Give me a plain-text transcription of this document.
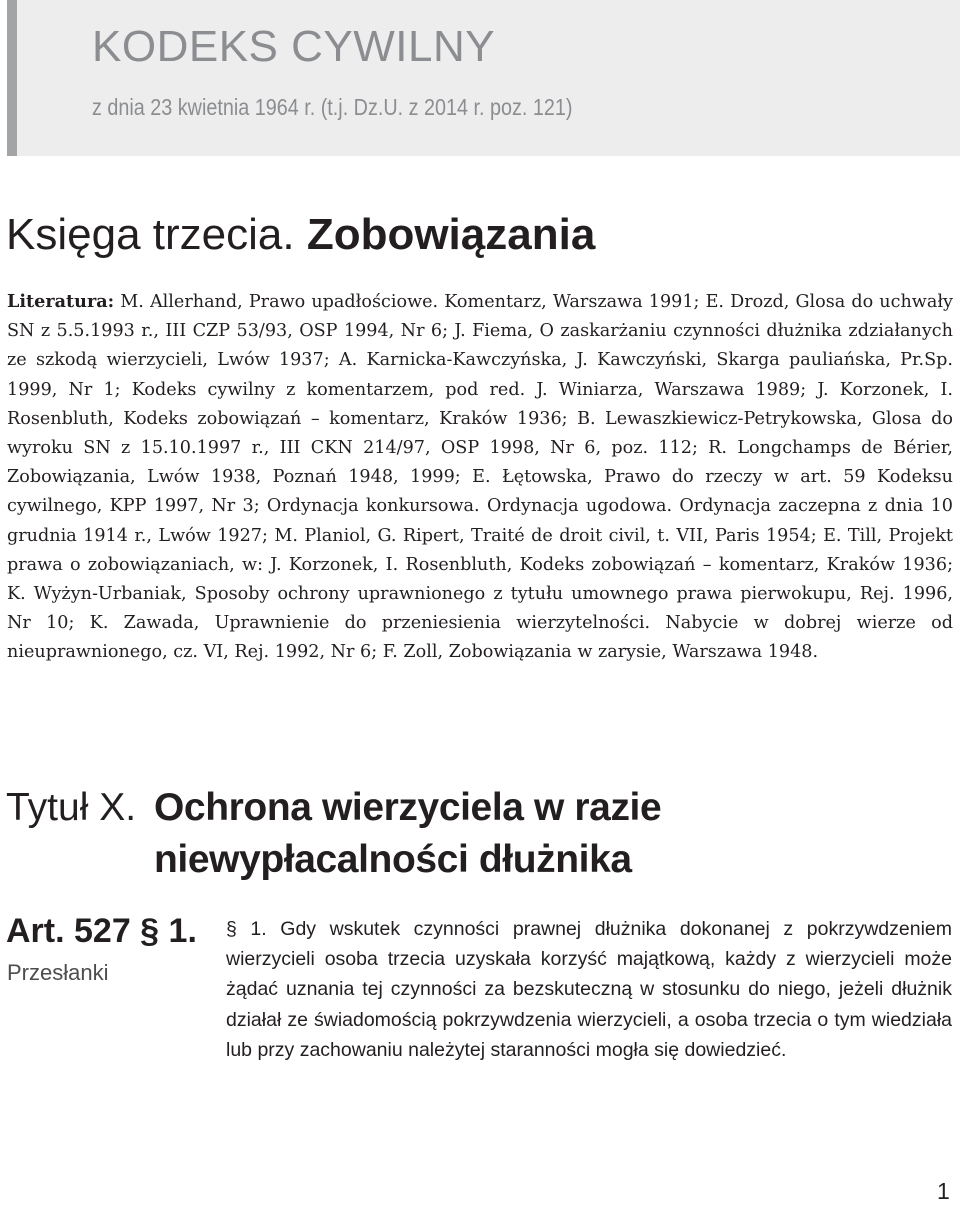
KODEKS CYWILNY
z dnia 23 kwietnia 1964 r. (t.j. Dz.U. z 2014 r. poz. 121)
Księga trzecia. Zobowiązania

Literatura: M. Allerhand, Prawo upadłościowe. Komentarz, Warszawa 1991; E. Drozd, Glosa do uchwały SN z 5.5.1993 r., III CZP 53/93, OSP 1994, Nr 6; J. Fiema, O zaskarżaniu czynności dłużnika zdziałanych ze szkodą wierzycieli, Lwów 1937; A. Karnicka-Kawczyńska, J. Kawczyński, Skarga pauliańska, Pr.Sp. 1999, Nr 1; Kodeks cywilny z komentarzem, pod red. J. Winiarza, Warszawa 1989; J. Korzonek, I. Rosenbluth, Kodeks zobowiązań – komentarz, Kraków 1936; B. Lewaszkiewicz-Petrykowska, Glosa do wyroku SN z 15.10.1997 r., III CKN 214/97, OSP 1998, Nr 6, poz. 112; R. Longchamps de Bérier, Zobowiązania, Lwów 1938, Poznań 1948, 1999; E. Łętowska, Prawo do rzeczy w art. 59 Kodeksu cywilnego, KPP 1997, Nr 3; Ordynacja konkursowa. Ordynacja ugodowa. Ordynacja zaczepna z dnia 10 grudnia 1914 r., Lwów 1927; M. Planiol, G. Ripert, Traité de droit civil, t. VII, Paris 1954; E. Till, Projekt prawa o zobowiązaniach, w: J. Korzonek, I. Rosenbluth, Kodeks zobowiązań – komentarz, Kraków 1936; K. Wyżyn-Urbaniak, Sposoby ochrony uprawnionego z tytułu umownego prawa pierwokupu, Rej. 1996, Nr 10; K. Zawada, Uprawnienie do przeniesienia wierzytelności. Nabycie w dobrej wierze od nieuprawnionego, cz. VI, Rej. 1992, Nr 6; F. Zoll, Zobowiązania w zarysie, Warszawa 1948.

Tytuł X. Ochrona wierzyciela w razie niewypłacalności dłużnika
Art. 527 § 1.
Przesłanki

§ 1. Gdy wskutek czynności prawnej dłużnika dokonanej z pokrzywdzeniem wierzycieli osoba trzecia uzyskała korzyść majątkową, każdy z wierzycieli może żądać uznania tej czynności za bezskuteczną w stosunku do niego, jeżeli dłużnik działał ze świadomością pokrzywdzenia wierzycieli, a osoba trzecia o tym wiedziała lub przy zachowaniu należytej staranności mogła się dowiedzieć.

1
